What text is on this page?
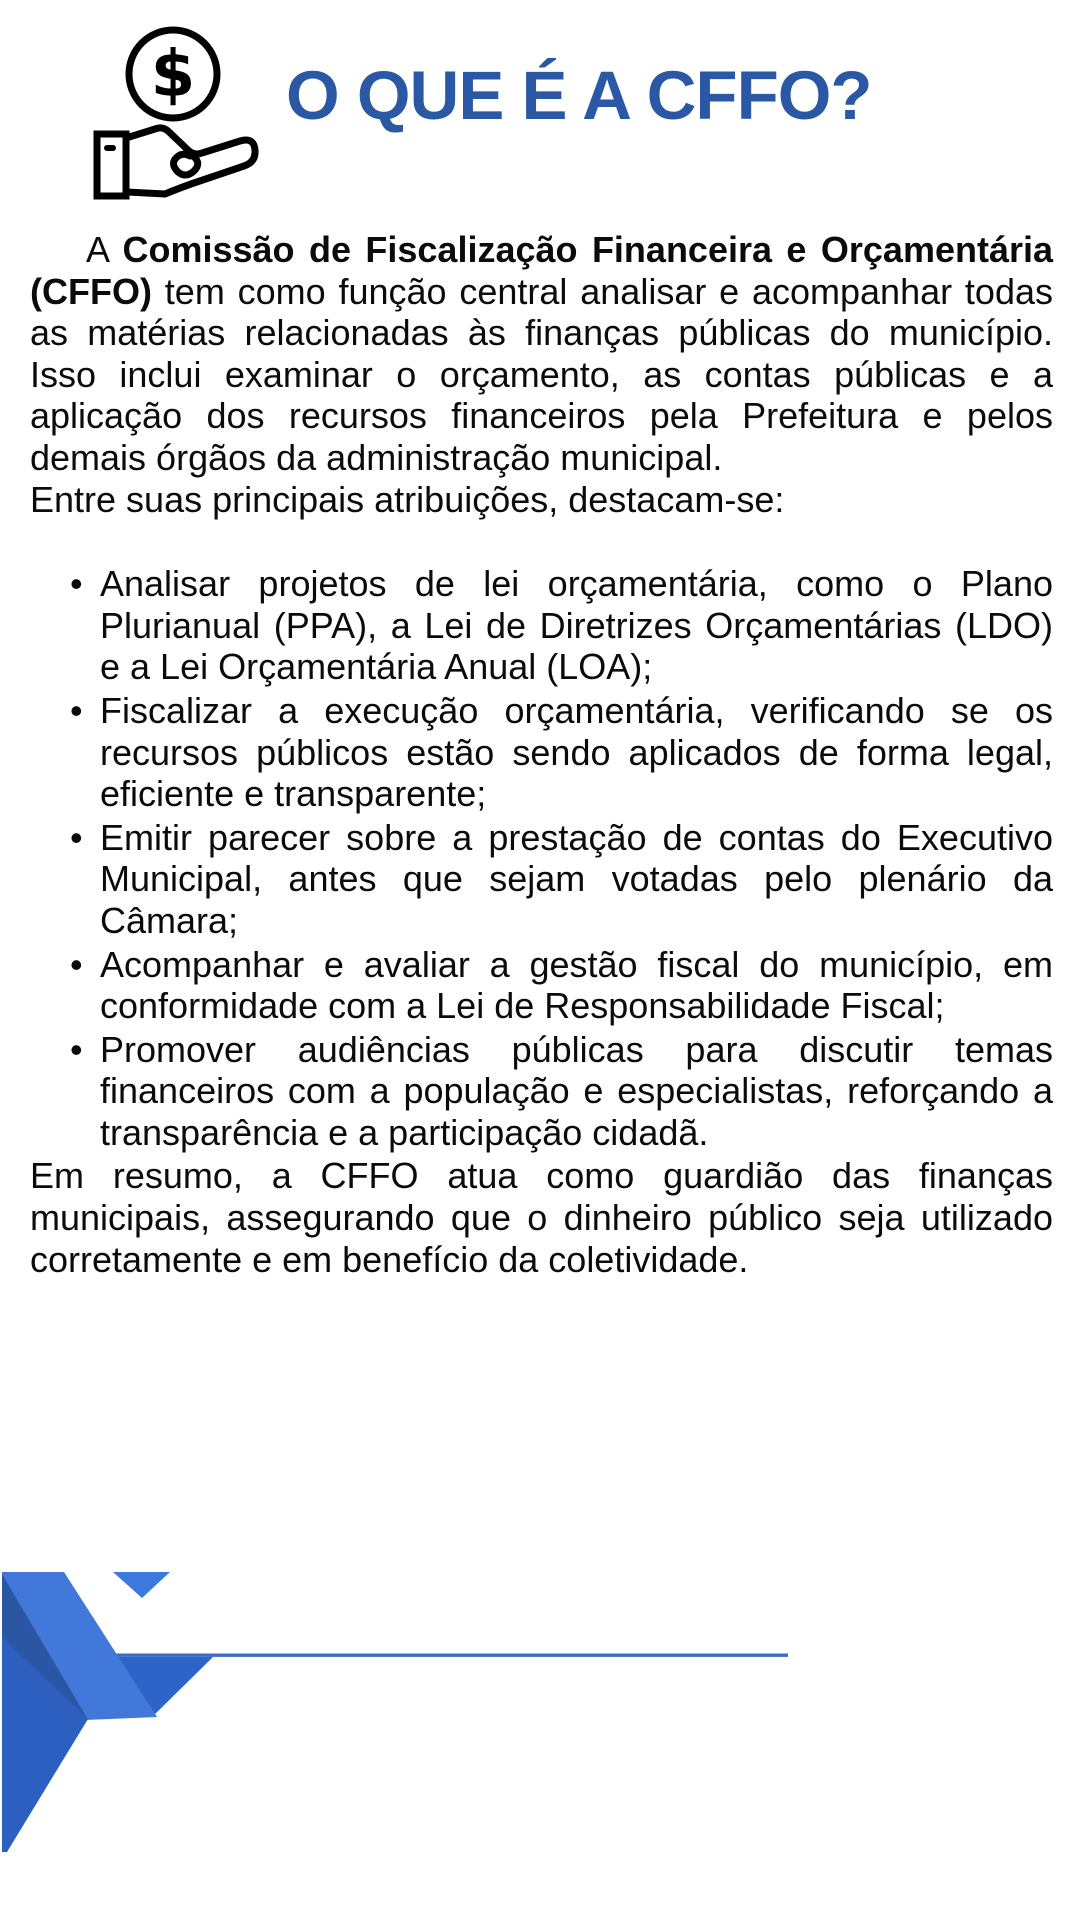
$ O QUE É A CFFO?

A Comissão de Fiscalização Financeira e Orçamentária (CFFO) tem como função central analisar e acompanhar todas as matérias relacionadas às finanças públicas do município. Isso inclui examinar o orçamento, as contas públicas e a aplicação dos recursos financeiros pela Prefeitura e pelos demais órgãos da administração municipal.

Entre suas principais atribuições, destacam-se:

• Analisar projetos de lei orçamentária, como o Plano Plurianual (PPA), a Lei de Diretrizes Orçamentárias (LDO) e a Lei Orçamentária Anual (LOA);
• Fiscalizar a execução orçamentária, verificando se os recursos públicos estão sendo aplicados de forma legal, eficiente e transparente;
• Emitir parecer sobre a prestação de contas do Executivo Municipal, antes que sejam votadas pelo plenário da Câmara;
• Acompanhar e avaliar a gestão fiscal do município, em conformidade com a Lei de Responsabilidade Fiscal;
• Promover audiências públicas para discutir temas financeiros com a população e especialistas, reforçando a transparência e a participação cidadã.

Em resumo, a CFFO atua como guardião das finanças municipais, assegurando que o dinheiro público seja utilizado corretamente e em benefício da coletividade.
